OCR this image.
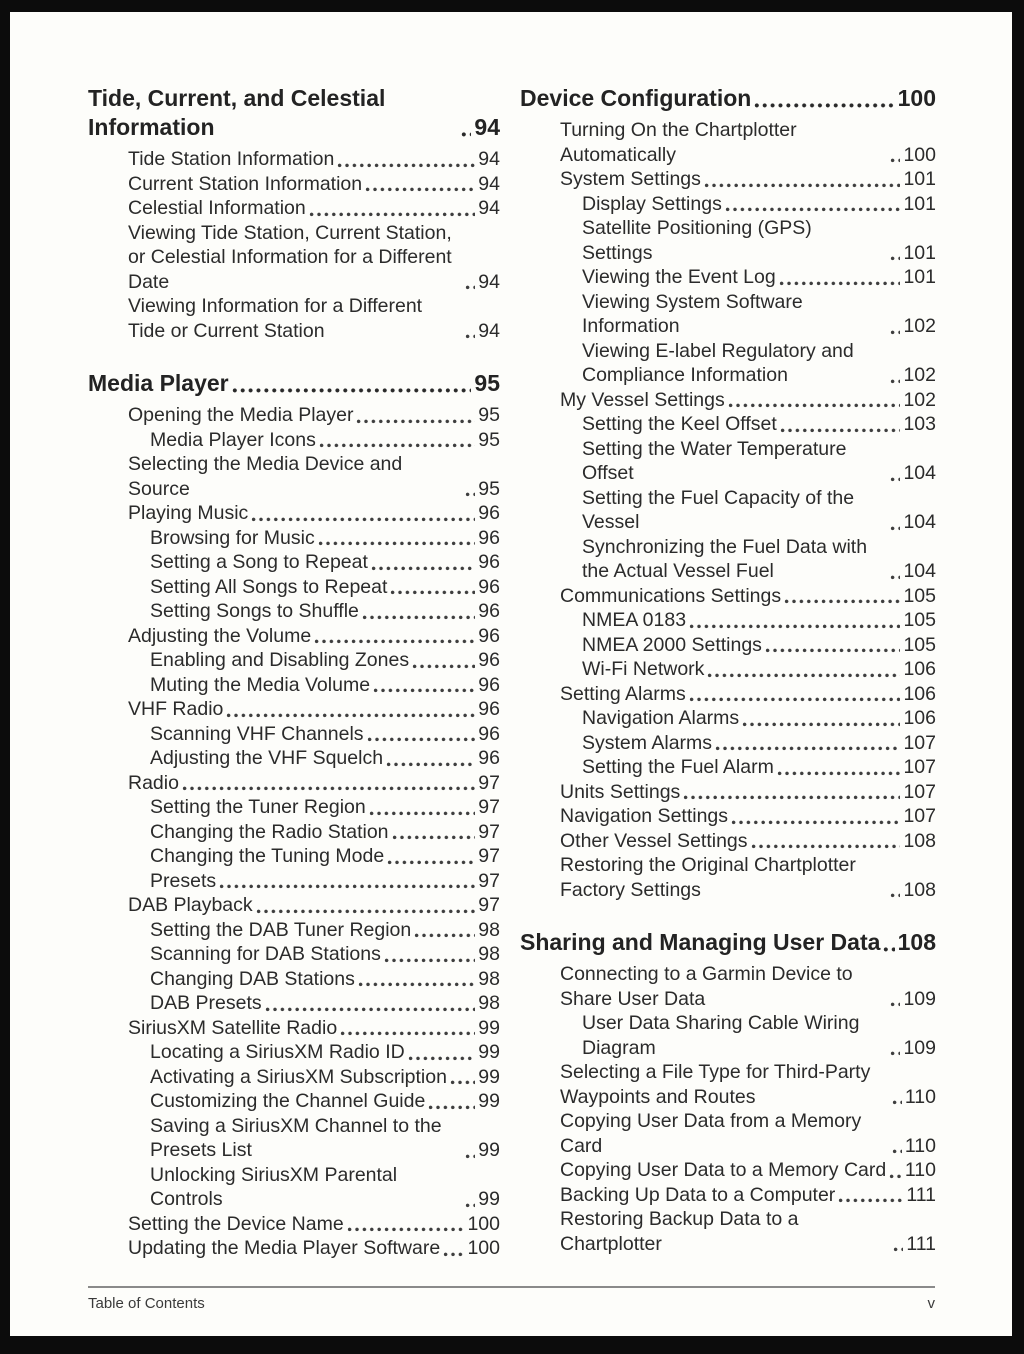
Tide, Current, and Celestial Information	94
Tide Station Information	94
Current Station Information	94
Celestial Information	94
Viewing Tide Station, Current Station, or Celestial Information for a Different Date	94
Viewing Information for a Different Tide or Current Station	94
Media Player	95
Opening the Media Player	95
Media Player Icons	95
Selecting the Media Device and Source	95
Playing Music	96
Browsing for Music	96
Setting a Song to Repeat	96
Setting All Songs to Repeat	96
Setting Songs to Shuffle	96
Adjusting the Volume	96
Enabling and Disabling Zones	96
Muting the Media Volume	96
VHF Radio	96
Scanning VHF Channels	96
Adjusting the VHF Squelch	96
Radio	97
Setting the Tuner Region	97
Changing the Radio Station	97
Changing the Tuning Mode	97
Presets	97
DAB Playback	97
Setting the DAB Tuner Region	98
Scanning for DAB Stations	98
Changing DAB Stations	98
DAB Presets	98
SiriusXM Satellite Radio	99
Locating a SiriusXM Radio ID	99
Activating a SiriusXM Subscription 99
Customizing the Channel Guide	99
Saving a SiriusXM Channel to the Presets List	99
Unlocking SiriusXM Parental Controls	99
Setting the Device Name	100
Updating the Media Player Software 100
Device Configuration	100
Turning On the Chartplotter Automatically	100
System Settings	101
Display Settings	101
Satellite Positioning (GPS) Settings	101
Viewing the Event Log	101
Viewing System Software Information	102
Viewing E-label Regulatory and Compliance Information	102
My Vessel Settings	102
Setting the Keel Offset	103
Setting the Water Temperature Offset	104
Setting the Fuel Capacity of the Vessel	104
Synchronizing the Fuel Data with the Actual Vessel Fuel	104
Communications Settings	105
NMEA 0183	105
NMEA 2000 Settings	105
Wi-Fi Network	106
Setting Alarms	106
Navigation Alarms	106
System Alarms	107
Setting the Fuel Alarm	107
Units Settings	107
Navigation Settings	107
Other Vessel Settings	108
Restoring the Original Chartplotter Factory Settings	108
Sharing and Managing User Data 108
Connecting to a Garmin Device to Share User Data	109
User Data Sharing Cable Wiring Diagram	109
Selecting a File Type for Third-Party Waypoints and Routes	110
Copying User Data from a Memory Card	110
Copying User Data to a Memory Card 110
Backing Up Data to a Computer	111
Restoring Backup Data to a Chartplotter	111
Table of Contents	v
